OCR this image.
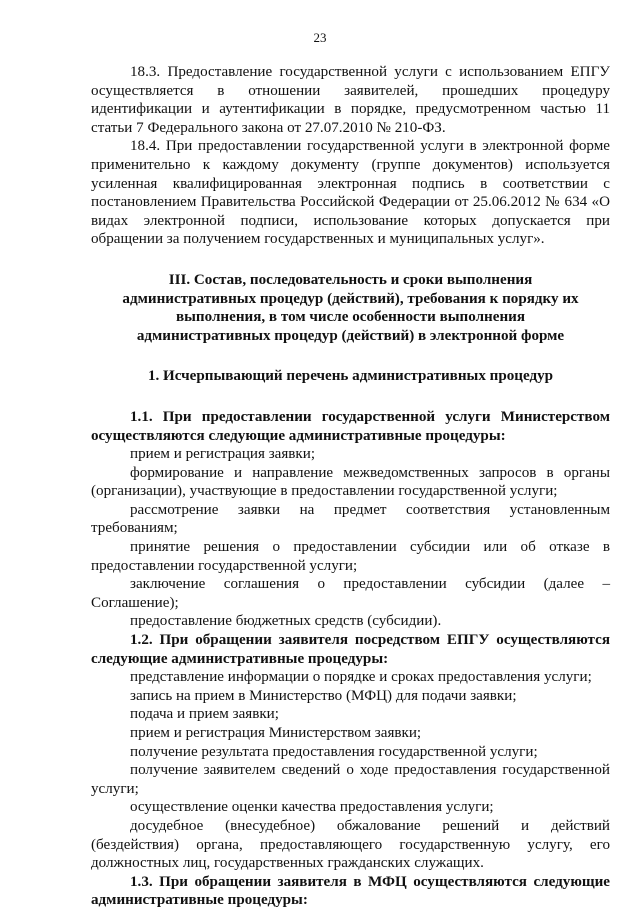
23

18.3. Предоставление государственной услуги с использованием ЕПГУ осуществляется в отношении заявителей, прошедших процедуру идентификации и аутентификации в порядке, предусмотренном частью 11 статьи 7 Федерального закона от 27.07.2010 № 210-ФЗ.

18.4. При предоставлении государственной услуги в электронной форме применительно к каждому документу (группе документов) используется усиленная квалифицированная электронная подпись в соответствии с постановлением Правительства Российской Федерации от 25.06.2012 № 634 «О видах электронной подписи, использование которых допускается при обращении за получением государственных и муниципальных услуг».

III. Состав, последовательность и сроки выполнения административных процедур (действий), требования к порядку их выполнения, в том числе особенности выполнения административных процедур (действий) в электронной форме

1. Исчерпывающий перечень административных процедур

1.1. При предоставлении государственной услуги Министерством осуществляются следующие административные процедуры:

прием и регистрация заявки;

формирование и направление межведомственных запросов в органы (организации), участвующие в предоставлении государственной услуги;

рассмотрение заявки на предмет соответствия установленным требованиям;

принятие решения о предоставлении субсидии или об отказе в предоставлении государственной услуги;

заключение соглашения о предоставлении субсидии (далее – Соглашение);

предоставление бюджетных средств (субсидии).

1.2. При обращении заявителя посредством ЕПГУ осуществляются следующие административные процедуры:

представление информации о порядке и сроках предоставления услуги;

запись на прием в Министерство (МФЦ) для подачи заявки;

подача и прием заявки;

прием и регистрация Министерством заявки;

получение результата предоставления государственной услуги;

получение заявителем сведений о ходе предоставления государственной услуги;

осуществление оценки качества предоставления услуги;

досудебное (внесудебное) обжалование решений и действий (бездействия) органа, предоставляющего государственную услугу, его должностных лиц, государственных гражданских служащих.

1.3. При обращении заявителя в МФЦ осуществляются следующие административные процедуры:
